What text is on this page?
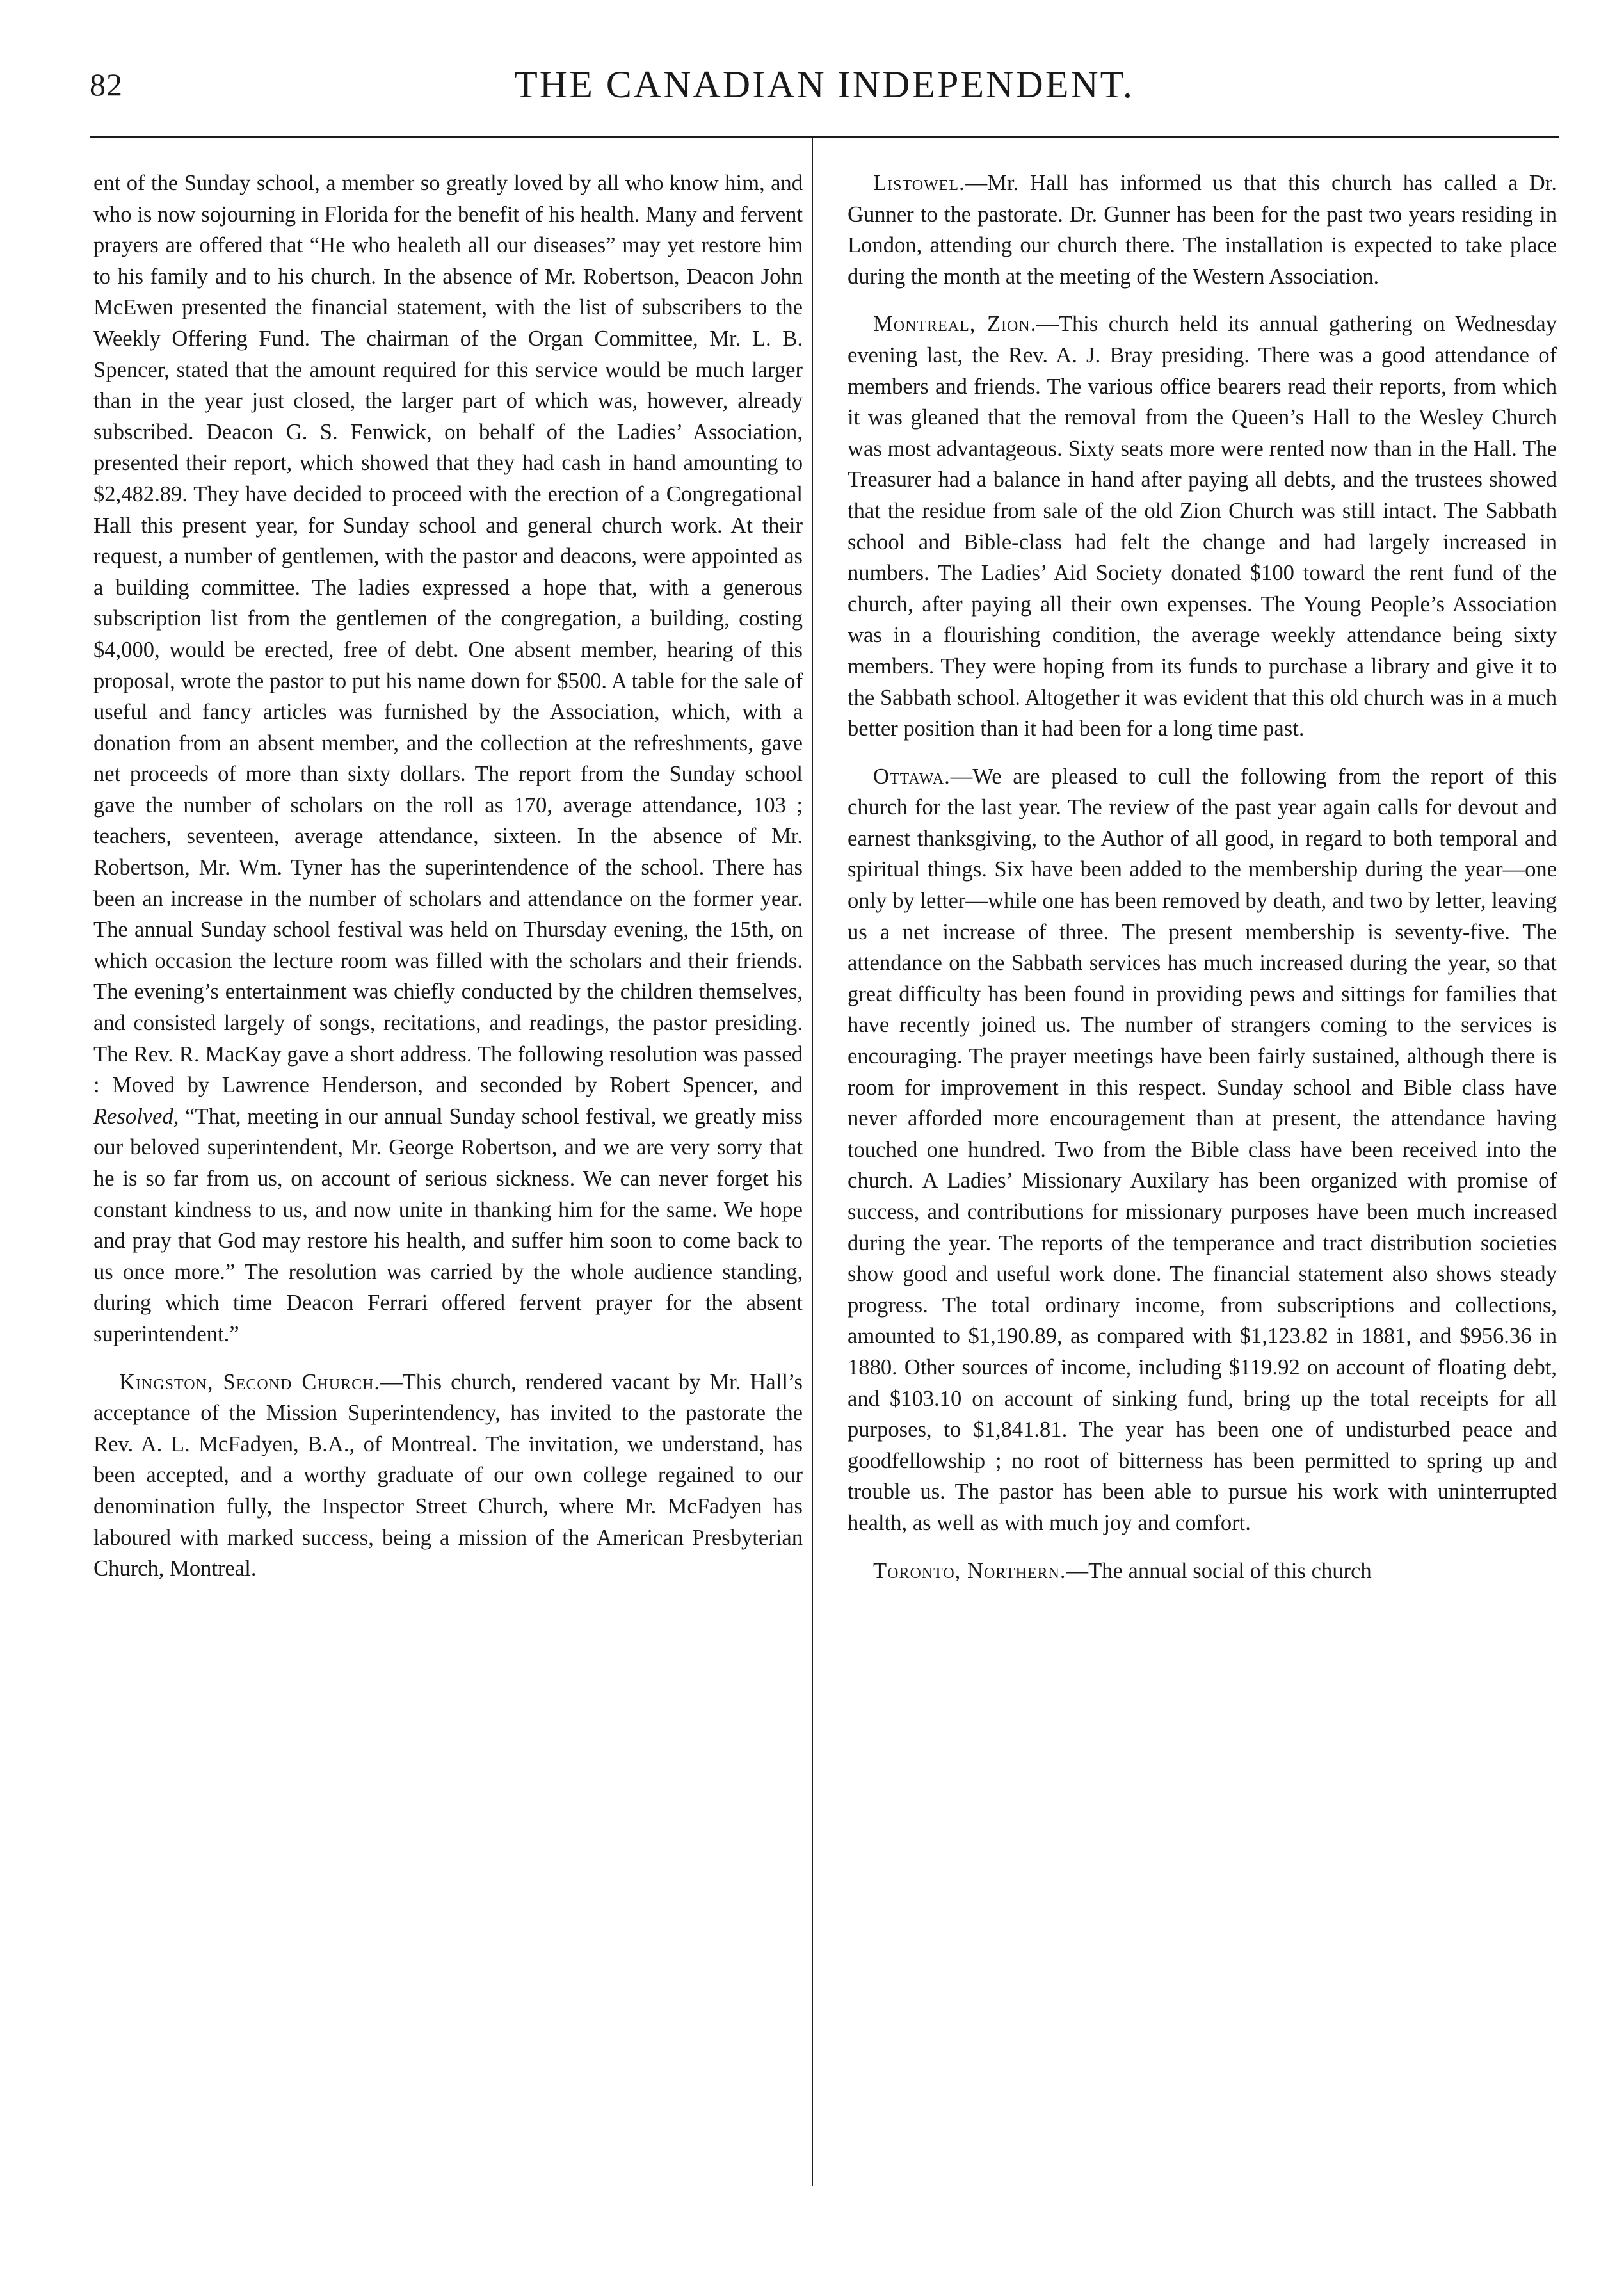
82	THE CANADIAN INDEPENDENT.

ent of the Sunday school, a member so greatly loved by all who know him, and who is now sojourning in Florida for the benefit of his health. Many and fervent prayers are offered that “He who healeth all our diseases” may yet restore him to his family and to his church. In the absence of Mr. Robertson, Deacon John McEwen presented the financial statement, with the list of subscribers to the Weekly Offering Fund. The chairman of the Organ Committee, Mr. L. B. Spencer, stated that the amount required for this service would be much larger than in the year just closed, the larger part of which was, however, already subscribed. Deacon G. S. Fenwick, on behalf of the Ladies’ Association, presented their report, which showed that they had cash in hand amounting to $2,482.89. They have decided to proceed with the erection of a Congregational Hall this present year, for Sunday school and general church work. At their request, a number of gentlemen, with the pastor and deacons, were appointed as a building committee. The ladies expressed a hope that, with a generous subscription list from the gentlemen of the congregation, a building, costing $4,000, would be erected, free of debt. One absent member, hearing of this proposal, wrote the pastor to put his name down for $500. A table for the sale of useful and fancy articles was furnished by the Association, which, with a donation from an absent member, and the collection at the refreshments, gave net proceeds of more than sixty dollars. The report from the Sunday school gave the number of scholars on the roll as 170, average attendance, 103 ; teachers, seventeen, average attendance, sixteen. In the absence of Mr. Robertson, Mr. Wm. Tyner has the superintendence of the school. There has been an increase in the number of scholars and attendance on the former year. The annual Sunday school festival was held on Thursday evening, the 15th, on which occasion the lecture room was filled with the scholars and their friends. The evening’s entertainment was chiefly conducted by the children themselves, and consisted largely of songs, recitations, and readings, the pastor presiding. The Rev. R. MacKay gave a short address. The following resolution was passed : Moved by Lawrence Henderson, and seconded by Robert Spencer, and Resolved, “That, meeting in our annual Sunday school festival, we greatly miss our beloved superintendent, Mr. George Robertson, and we are very sorry that he is so far from us, on account of serious sickness. We can never forget his constant kindness to us, and now unite in thanking him for the same. We hope and pray that God may restore his health, and suffer him soon to come back to us once more.” The resolution was carried by the whole audience standing, during which time Deacon Ferrari offered fervent prayer for the absent superintendent.”

Kingston, Second Church.—This church, rendered vacant by Mr. Hall’s acceptance of the Mission Superintendency, has invited to the pastorate the Rev. A. L. McFadyen, B.A., of Montreal. The invitation, we understand, has been accepted, and a worthy graduate of our own college regained to our denomination fully, the Inspector Street Church, where Mr. McFadyen has laboured with marked success, being a mission of the American Presbyterian Church, Montreal.

Listowel.—Mr. Hall has informed us that this church has called a Dr. Gunner to the pastorate. Dr. Gunner has been for the past two years residing in London, attending our church there. The installation is expected to take place during the month at the meeting of the Western Association.

Montreal, Zion.—This church held its annual gathering on Wednesday evening last, the Rev. A. J. Bray presiding. There was a good attendance of members and friends. The various office bearers read their reports, from which it was gleaned that the removal from the Queen’s Hall to the Wesley Church was most advantageous. Sixty seats more were rented now than in the Hall. The Treasurer had a balance in hand after paying all debts, and the trustees showed that the residue from sale of the old Zion Church was still intact. The Sabbath school and Bible-class had felt the change and had largely increased in numbers. The Ladies’ Aid Society donated $100 toward the rent fund of the church, after paying all their own expenses. The Young People’s Association was in a flourishing condition, the average weekly attendance being sixty members. They were hoping from its funds to purchase a library and give it to the Sabbath school. Altogether it was evident that this old church was in a much better position than it had been for a long time past.

Ottawa.—We are pleased to cull the following from the report of this church for the last year. The review of the past year again calls for devout and earnest thanksgiving, to the Author of all good, in regard to both temporal and spiritual things. Six have been added to the membership during the year—one only by letter—while one has been removed by death, and two by letter, leaving us a net increase of three. The present membership is seventy-five. The attendance on the Sabbath services has much increased during the year, so that great difficulty has been found in providing pews and sittings for families that have recently joined us. The number of strangers coming to the services is encouraging. The prayer meetings have been fairly sustained, although there is room for improvement in this respect. Sunday school and Bible class have never afforded more encouragement than at present, the attendance having touched one hundred. Two from the Bible class have been received into the church. A Ladies’ Missionary Auxilary has been organized with promise of success, and contributions for missionary purposes have been much increased during the year. The reports of the temperance and tract distribution societies show good and useful work done. The financial statement also shows steady progress. The total ordinary income, from subscriptions and collections, amounted to $1,190.89, as compared with $1,123.82 in 1881, and $956.36 in 1880. Other sources of income, including $119.92 on account of floating debt, and $103.10 on account of sinking fund, bring up the total receipts for all purposes, to $1,841.81. The year has been one of undisturbed peace and goodfellowship ; no root of bitterness has been permitted to spring up and trouble us. The pastor has been able to pursue his work with uninterrupted health, as well as with much joy and comfort.

Toronto, Northern.—The annual social of this church
